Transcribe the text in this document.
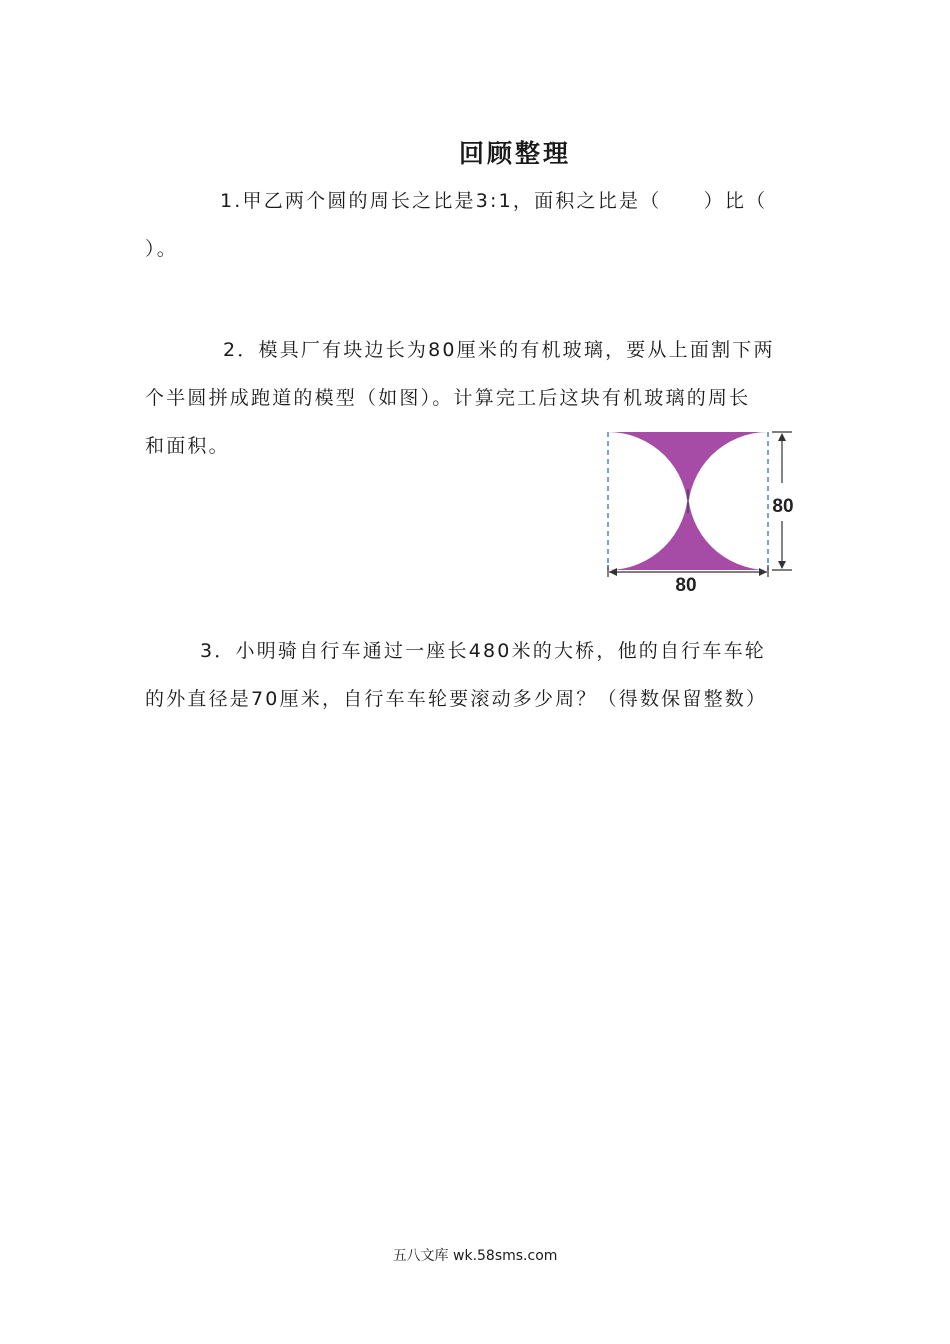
回顾整理

1.甲乙两个圆的周长之比是3:1，面积之比是（　　）比（
）。

2．模具厂有块边长为80厘米的有机玻璃，要从上面割下两
个半圆拼成跑道的模型（如图）。计算完工后这块有机玻璃的周长
和面积。

80
80

3．小明骑自行车通过一座长480米的大桥，他的自行车车轮
的外直径是70厘米，自行车车轮要滚动多少周？（得数保留整数）

五八文库 wk.58sms.com
